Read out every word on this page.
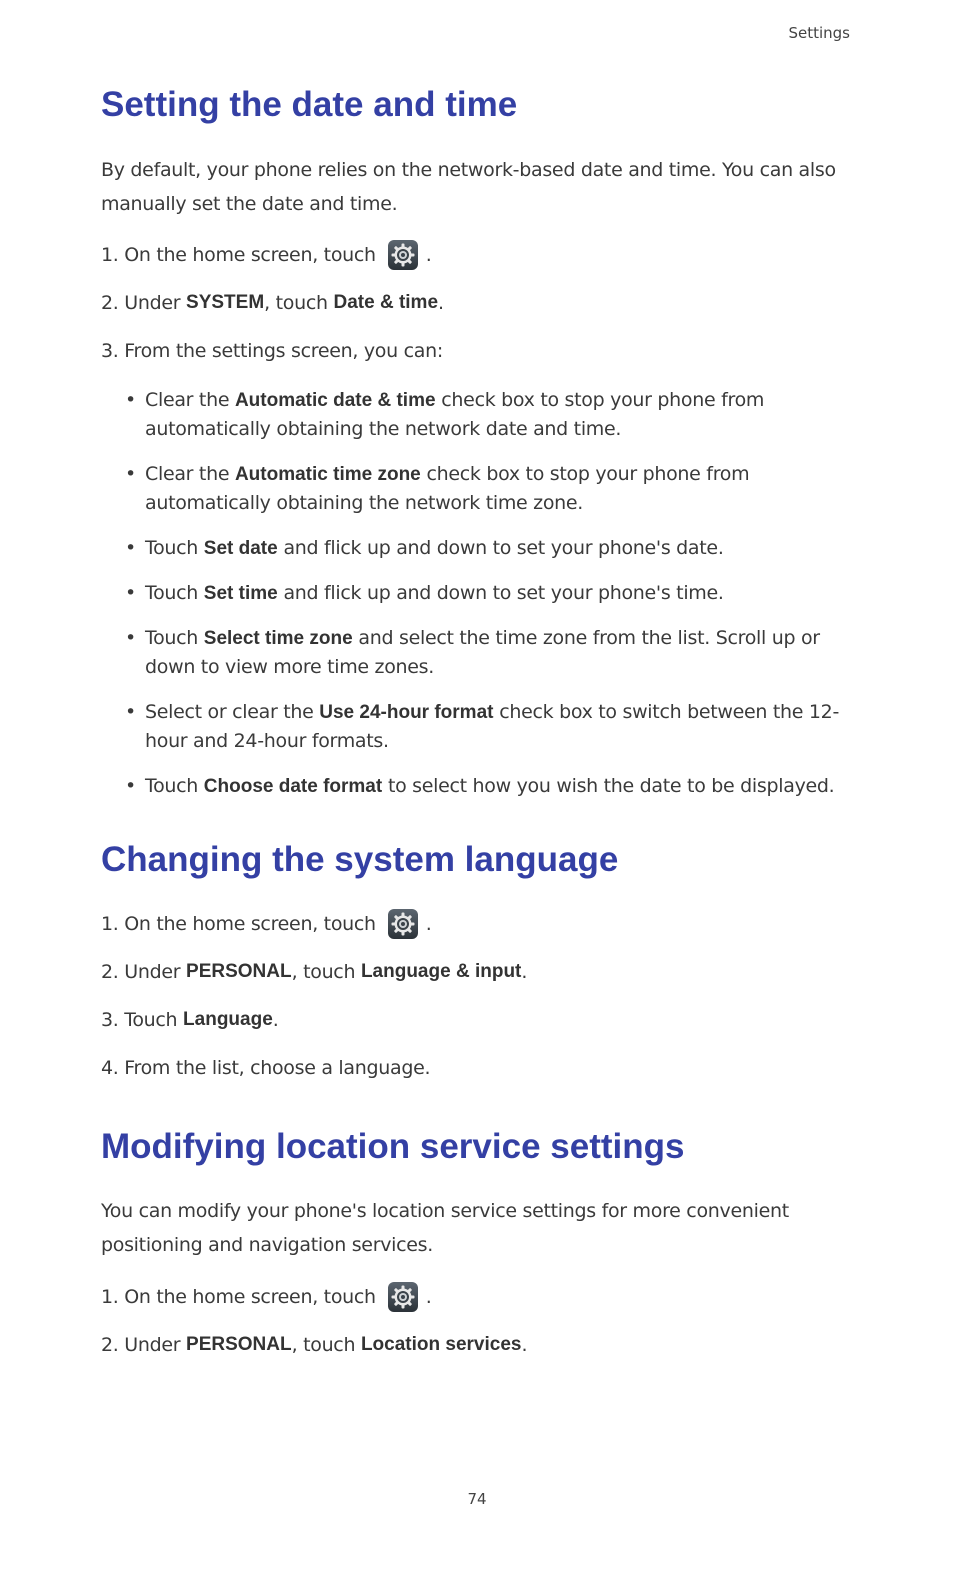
Settings
Setting the date and time

By default, your phone relies on the network-based date and time. You can also manually set the date and time.

1. On the home screen, touch	.
2. Under SYSTEM , touch Date & time .
3. From the settings screen, you can:
• Clear the Automatic date & time check box to stop your phone from automatically obtaining the network date and time.
• Clear the Automatic time zone check box to stop your phone from automatically obtaining the network time zone.
• Touch Set date and flick up and down to set your phone's date.
• Touch Set time and flick up and down to set your phone's time.
• Touch Select time zone and select the time zone from the list. Scroll up or down to view more time zones.
• Select or clear the Use 24-hour format check box to switch between the 12-hour and 24-hour formats.
• Touch Choose date format to select how you wish the date to be displayed.
Changing the system language
1. On the home screen, touch	.
2. Under PERSONAL , touch Language & input .
3. Touch Language .
4. From the list, choose a language.
Modifying location service settings

You can modify your phone's location service settings for more convenient positioning and navigation services.

1. On the home screen, touch	.
2. Under PERSONAL , touch Location services .
74
